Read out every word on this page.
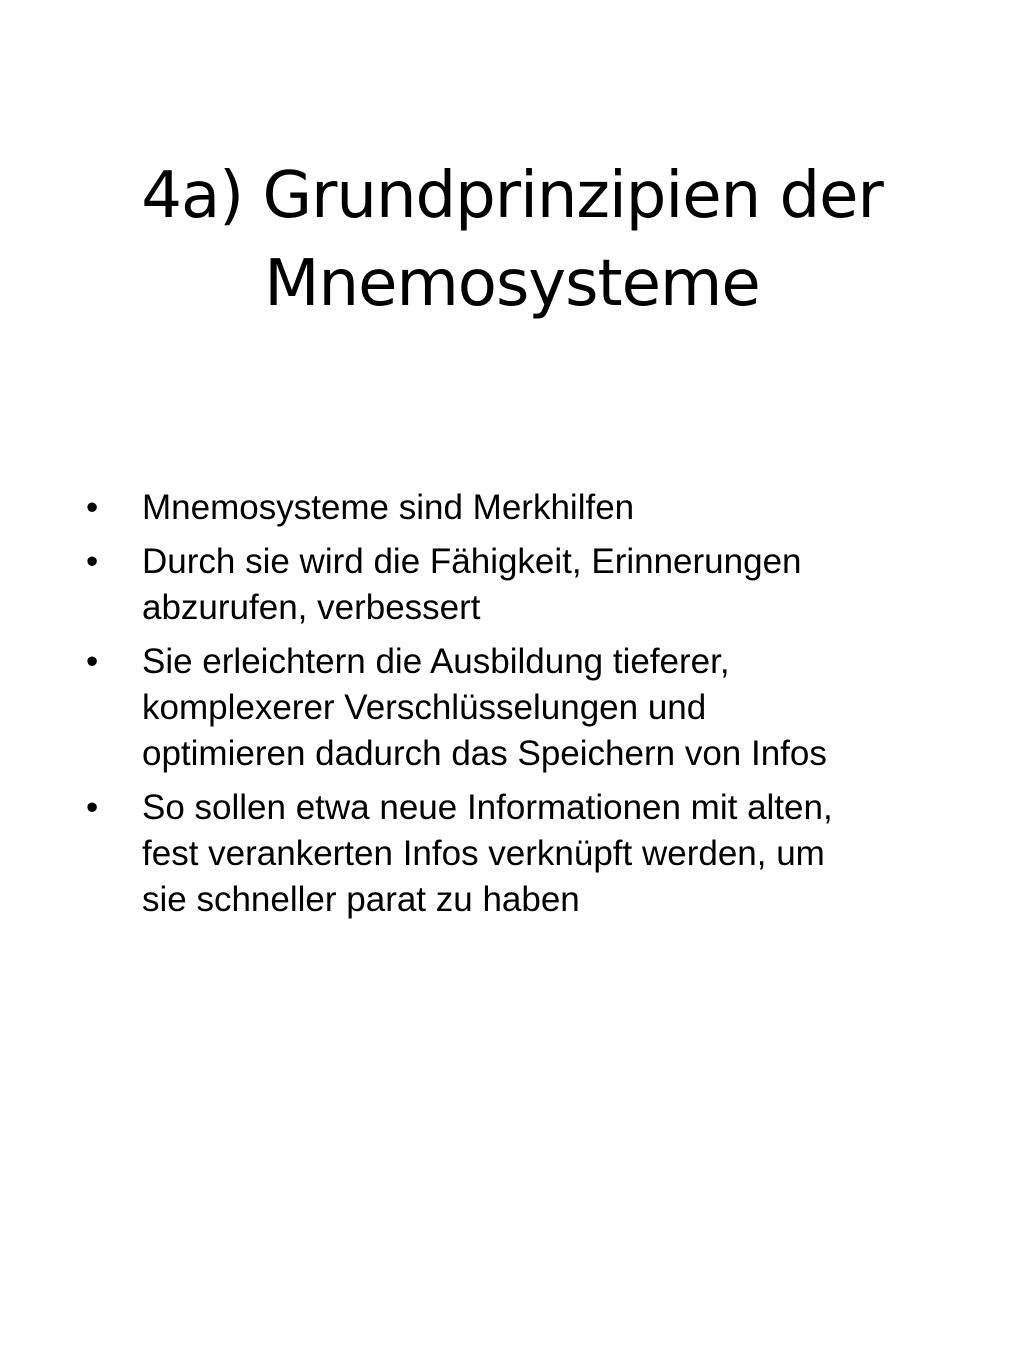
4a) Grundprinzipien der
Mnemosysteme
•	Mnemosysteme sind Merkhilfen
•	Durch sie wird die Fähigkeit, Erinnerungen
abzurufen, verbessert
•	Sie erleichtern die Ausbildung tieferer,
komplexerer Verschlüsselungen und
optimieren dadurch das Speichern von Infos
•	So sollen etwa neue Informationen mit alten,
fest verankerten Infos verknüpft werden, um
sie schneller parat zu haben
